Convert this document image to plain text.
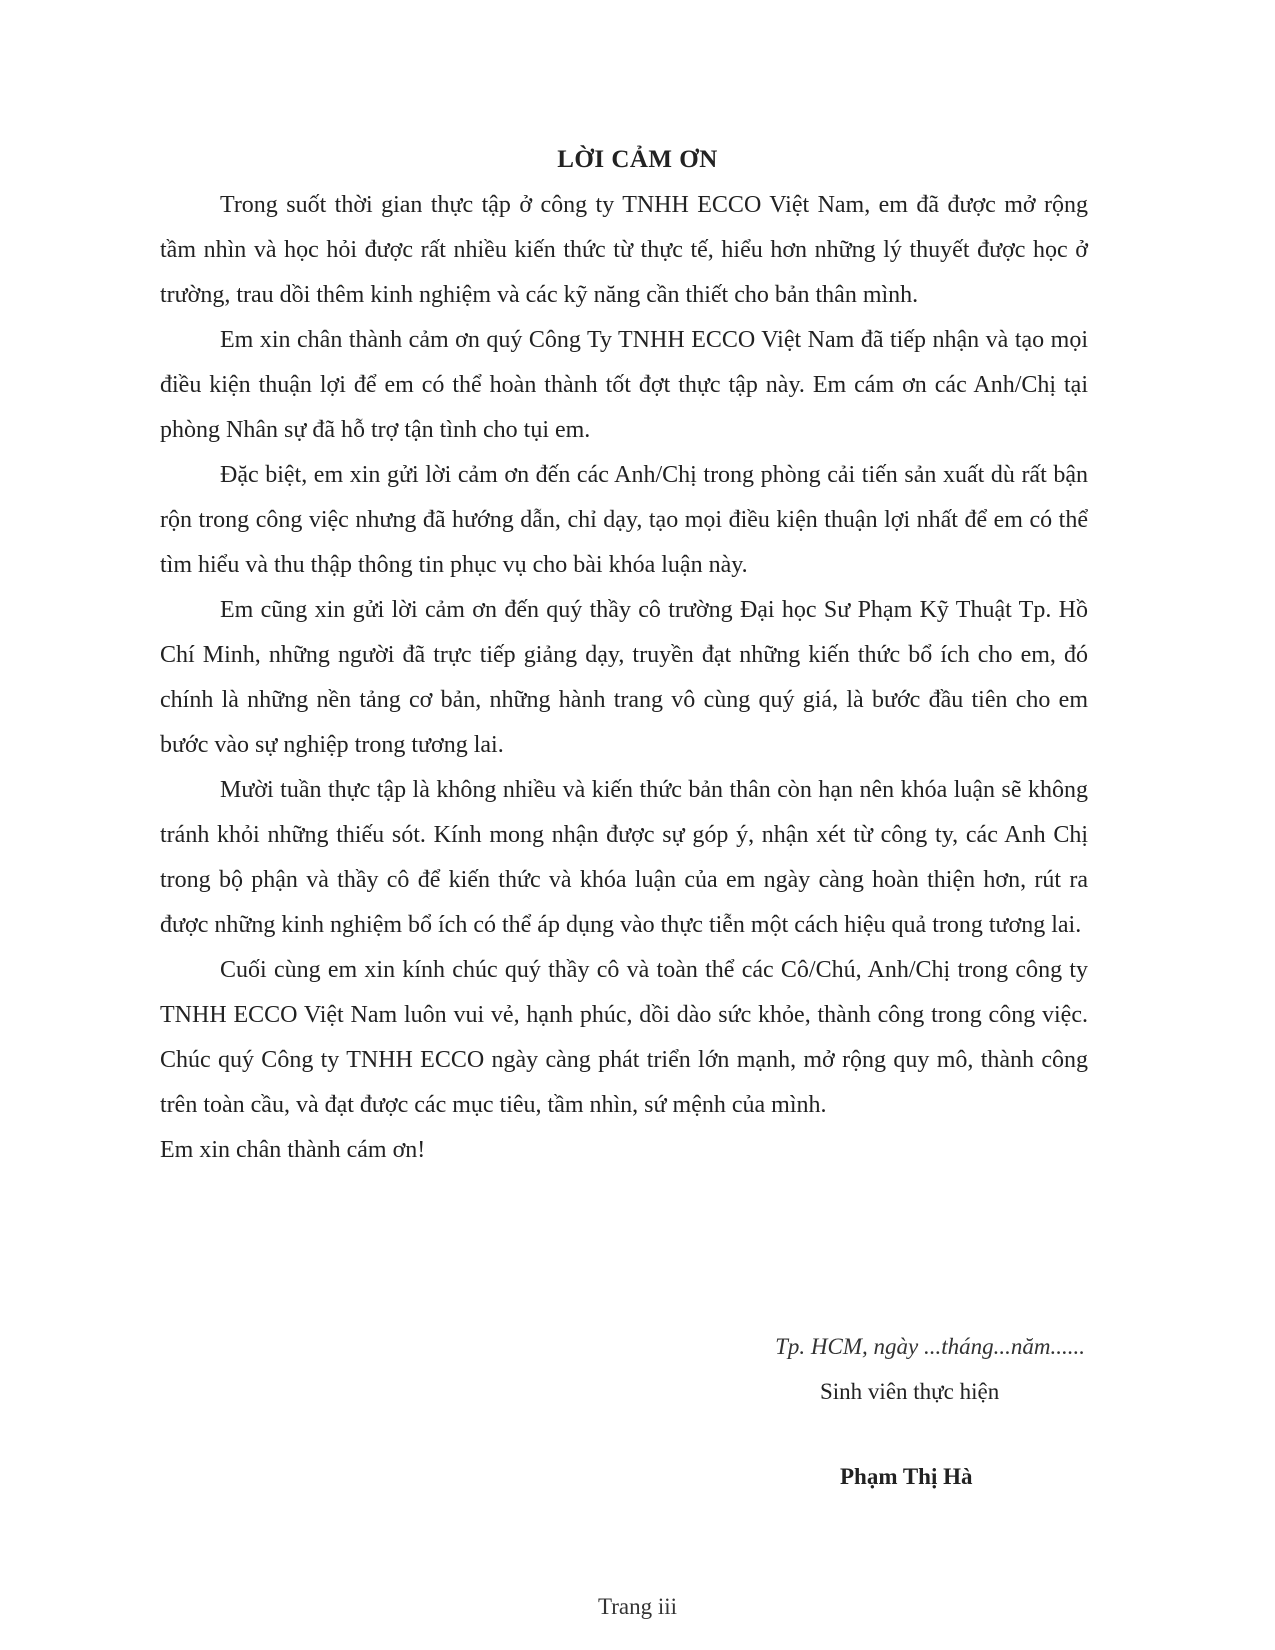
LỜI CẢM ƠN

Trong suốt thời gian thực tập ở công ty TNHH ECCO Việt Nam, em đã được mở rộng tầm nhìn và học hỏi được rất nhiều kiến thức từ thực tế, hiểu hơn những lý thuyết được học ở trường, trau dồi thêm kinh nghiệm và các kỹ năng cần thiết cho bản thân mình.

Em xin chân thành cảm ơn quý Công Ty TNHH ECCO Việt Nam đã tiếp nhận và tạo mọi điều kiện thuận lợi để em có thể hoàn thành tốt đợt thực tập này. Em cám ơn các Anh/Chị tại phòng Nhân sự đã hỗ trợ tận tình cho tụi em.

Đặc biệt, em xin gửi lời cảm ơn đến các Anh/Chị trong phòng cải tiến sản xuất dù rất bận rộn trong công việc nhưng đã hướng dẫn, chỉ dạy, tạo mọi điều kiện thuận lợi nhất để em có thể tìm hiểu và thu thập thông tin phục vụ cho bài khóa luận này.

Em cũng xin gửi lời cảm ơn đến quý thầy cô trường Đại học Sư Phạm Kỹ Thuật Tp. Hồ Chí Minh, những người đã trực tiếp giảng dạy, truyền đạt những kiến thức bổ ích cho em, đó chính là những nền tảng cơ bản, những hành trang vô cùng quý giá, là bước đầu tiên cho em bước vào sự nghiệp trong tương lai.

Mười tuần thực tập là không nhiều và kiến thức bản thân còn hạn nên khóa luận sẽ không tránh khỏi những thiếu sót. Kính mong nhận được sự góp ý, nhận xét từ công ty, các Anh Chị trong bộ phận và thầy cô để kiến thức và khóa luận của em ngày càng hoàn thiện hơn, rút ra được những kinh nghiệm bổ ích có thể áp dụng vào thực tiễn một cách hiệu quả trong tương lai.

Cuối cùng em xin kính chúc quý thầy cô và toàn thể các Cô/Chú, Anh/Chị trong công ty TNHH ECCO Việt Nam luôn vui vẻ, hạnh phúc, dồi dào sức khỏe, thành công trong công việc. Chúc quý Công ty TNHH ECCO ngày càng phát triển lớn mạnh, mở rộng quy mô, thành công trên toàn cầu, và đạt được các mục tiêu, tầm nhìn, sứ mệnh của mình.

Em xin chân thành cám ơn!

Tp. HCM, ngày ...tháng...năm......
Sinh viên thực hiện
Phạm Thị Hà
Trang iii
